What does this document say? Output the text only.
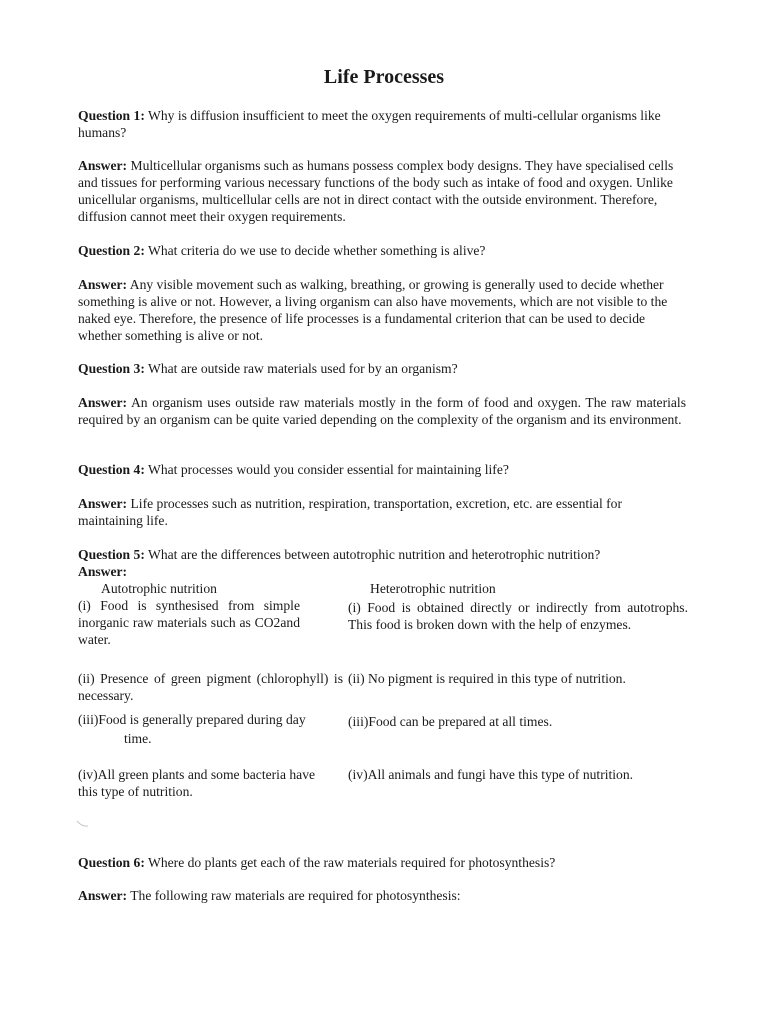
Life Processes
Question 1: Why is diffusion insufficient to meet the oxygen requirements of multi-cellular organisms like humans?
Answer: Multicellular organisms such as humans possess complex body designs. They have specialised cells and tissues for performing various necessary functions of the body such as intake of food and oxygen. Unlike unicellular organisms, multicellular cells are not in direct contact with the outside environment. Therefore, diffusion cannot meet their oxygen requirements.
Question 2: What criteria do we use to decide whether something is alive?
Answer: Any visible movement such as walking, breathing, or growing is generally used to decide whether something is alive or not. However, a living organism can also have movements, which are not visible to the naked eye. Therefore, the presence of life processes is a fundamental criterion that can be used to decide whether something is alive or not.
Question 3: What are outside raw materials used for by an organism?
Answer: An organism uses outside raw materials mostly in the form of food and oxygen. The raw materials required by an organism can be quite varied depending on the complexity of the organism and its environment.
Question 4: What processes would you consider essential for maintaining life?
Answer: Life processes such as nutrition, respiration, transportation, excretion, etc. are essential for maintaining life.
Question 5: What are the differences between autotrophic nutrition and heterotrophic nutrition?
Answer:
Autotrophic nutrition	Heterotrophic nutrition
(i) Food is synthesised from simple inorganic raw materials such as CO2and water.
(i) Food is obtained directly or indirectly from autotrophs. This food is broken down with the help of enzymes.
(ii) Presence of green pigment (chlorophyll) is necessary.
(ii) No pigment is required in this type of nutrition.
(iii)Food is generally prepared during day
time.
(iii)Food can be prepared at all times.
(iv)All green plants and some bacteria have
this type of nutrition.
(iv)All animals and fungi have this type of nutrition.
Question 6: Where do plants get each of the raw materials required for photosynthesis?
Answer: The following raw materials are required for photosynthesis:
